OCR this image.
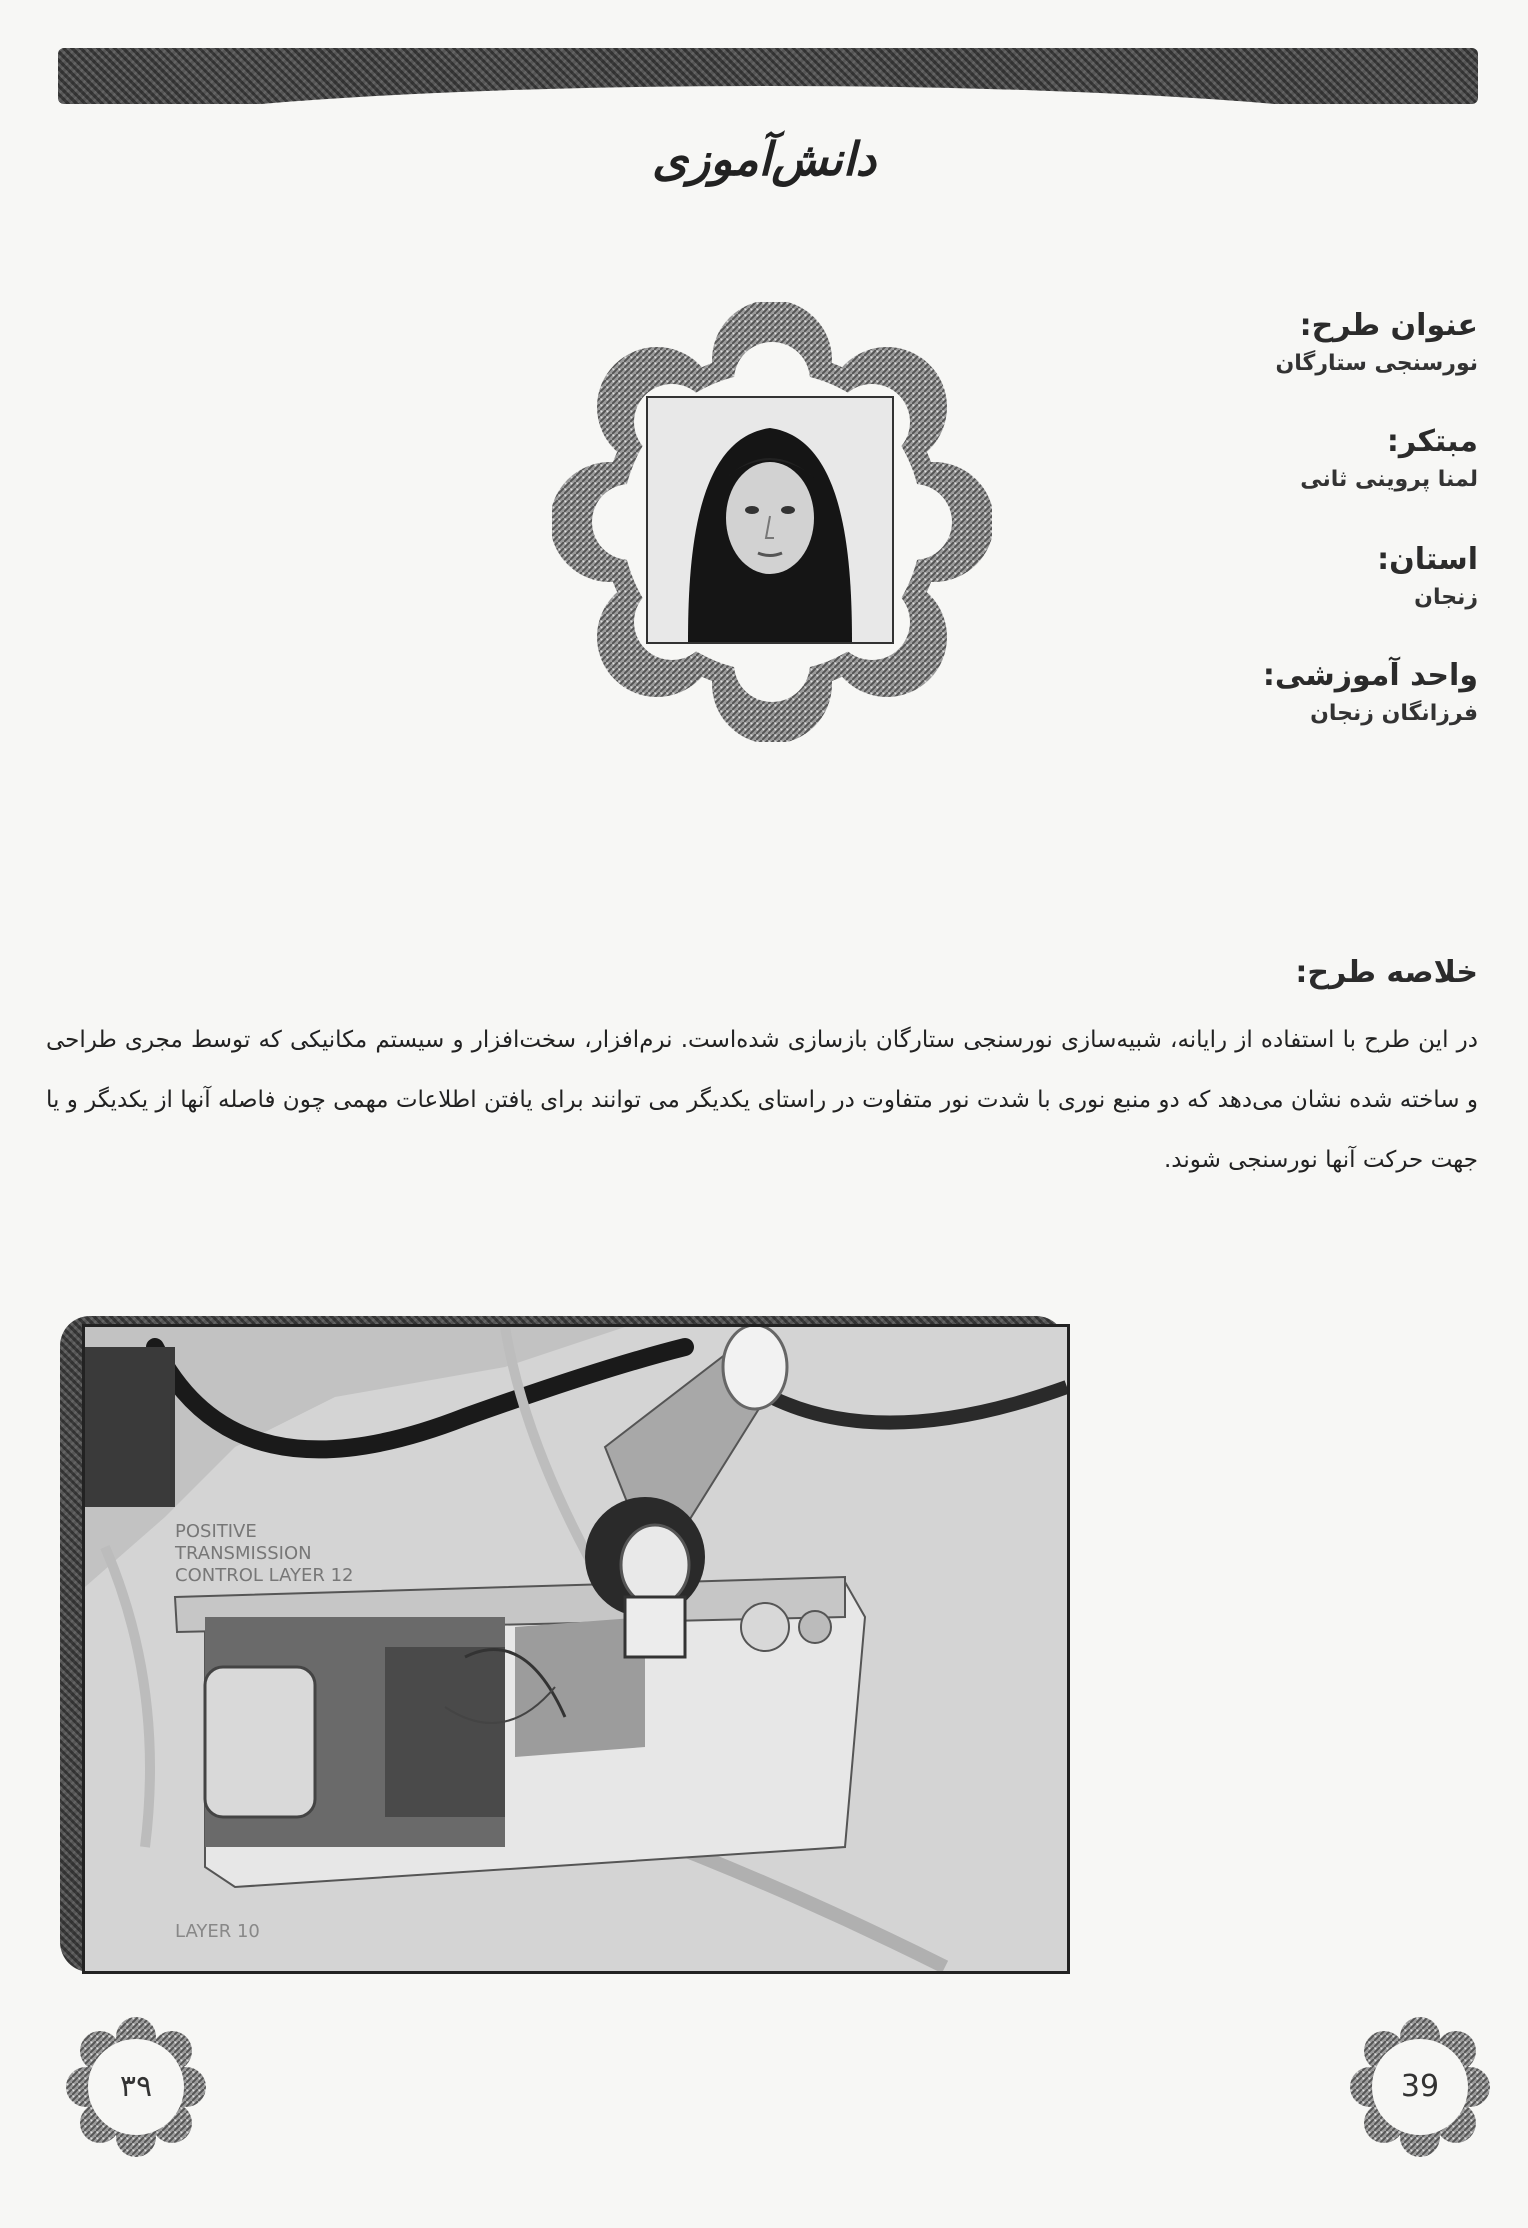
دانش‌آموزی
عنوان طرح:
نورسنجی ستارگان
مبتکر:
لمنا پروینی ثانی
استان:
زنجان
واحد آموزشی:
فرزانگان زنجان
خلاصه طرح:
در این طرح با استفاده از رایانه، شبیه‌سازی نورسنجی ستارگان بازسازی شده‌است. نرم‌افزار، سخت‌افزار و سیستم مکانیکی که توسط مجری طراحی و ساخته شده نشان می‌دهد که دو منبع نوری با شدت نور متفاوت در راستای یکدیگر می توانند برای یافتن اطلاعات مهمی چون فاصله آنها از یکدیگر و یا جهت حرکت آنها نورسنجی شوند.
POSITIVE
TRANSMISSION
CONTROL LAYER 12
LAYER 10
۳۹	39
